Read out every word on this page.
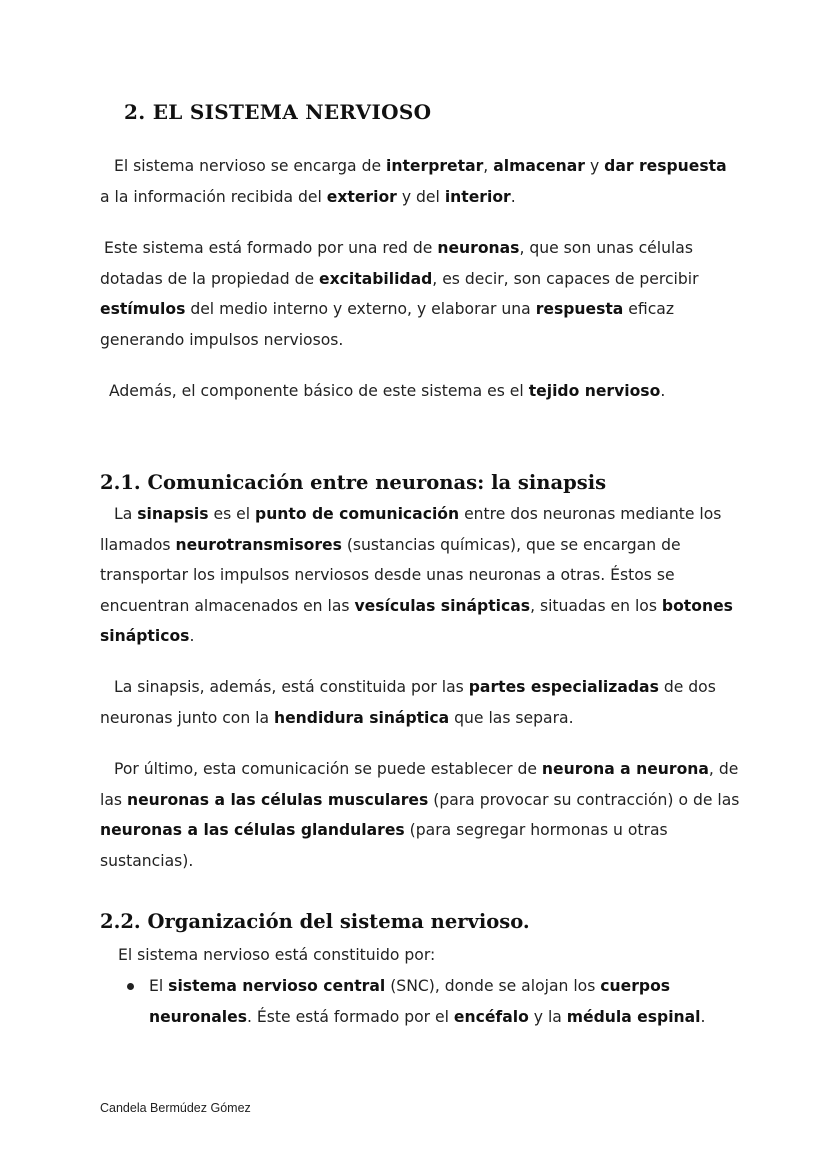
2. EL SISTEMA NERVIOSO

El sistema nervioso se encarga de interpretar, almacenar y dar respuesta a la información recibida del exterior y del interior.

Este sistema está formado por una red de neuronas, que son unas células dotadas de la propiedad de excitabilidad, es decir, son capaces de percibir estímulos del medio interno y externo, y elaborar una respuesta eficaz generando impulsos nerviosos.

Además, el componente básico de este sistema es el tejido nervioso.

2.1. Comunicación entre neuronas: la sinapsis

La sinapsis es el punto de comunicación entre dos neuronas mediante los llamados neurotransmisores (sustancias químicas), que se encargan de transportar los impulsos nerviosos desde unas neuronas a otras. Éstos se encuentran almacenados en las vesículas sinápticas, situadas en los botones sinápticos.

La sinapsis, además, está constituida por las partes especializadas de dos neuronas junto con la hendidura sináptica que las separa.

Por último, esta comunicación se puede establecer de neurona a neurona, de las neuronas a las células musculares (para provocar su contracción) o de las neuronas a las células glandulares (para segregar hormonas u otras sustancias).

2.2. Organización del sistema nervioso.

El sistema nervioso está constituido por:

El sistema nervioso central (SNC), donde se alojan los cuerpos neuronales. Éste está formado por el encéfalo y la médula espinal.

Candela Bermúdez Gómez
